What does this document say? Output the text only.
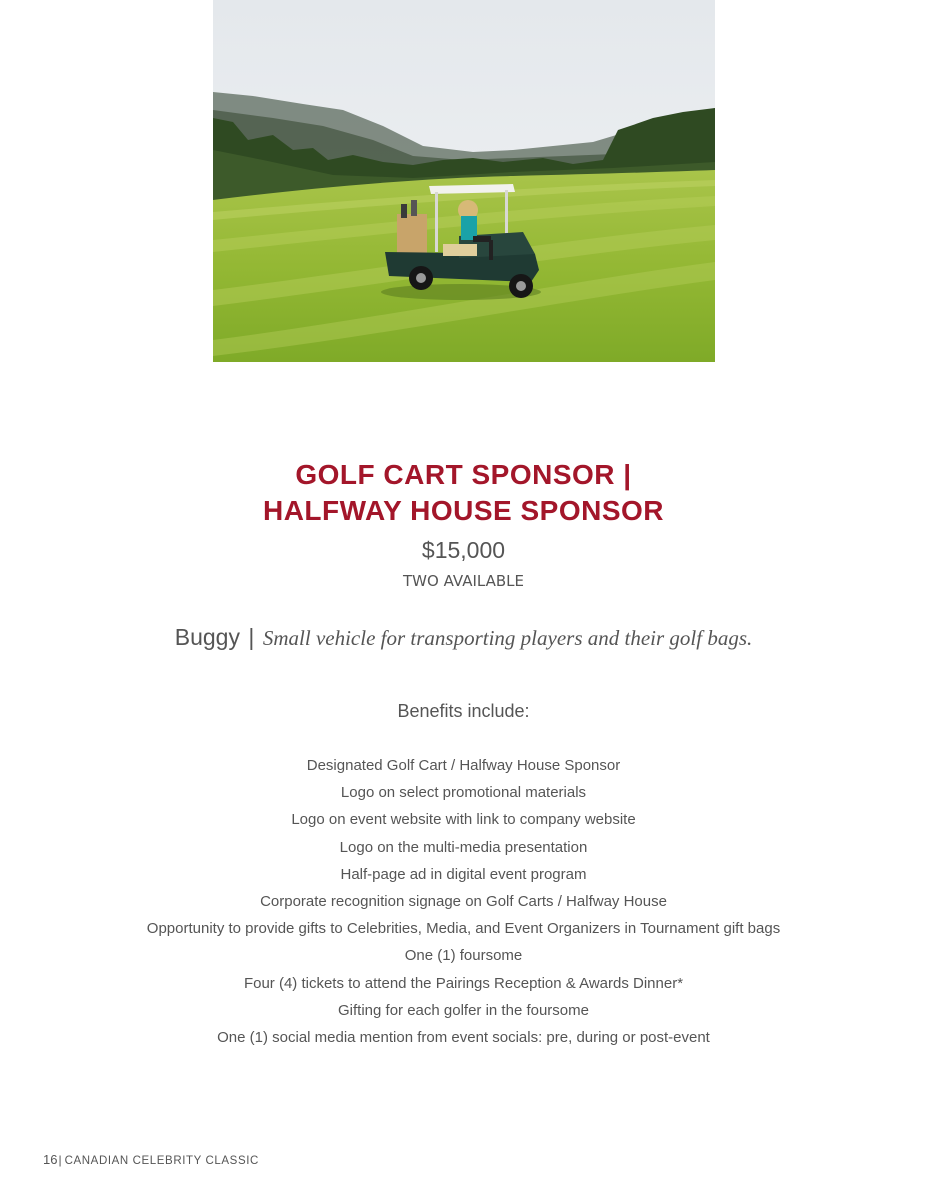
GOLF CART SPONSOR |
HALFWAY HOUSE SPONSOR
$15,000
TWO AVAILABLE
Buggy | Small vehicle for transporting players and their golf bags.
Benefits include:
Designated Golf Cart / Halfway House Sponsor
Logo on select promotional materials
Logo on event website with link to company website
Logo on the multi-media presentation
Half-page ad in digital event program
Corporate recognition signage on Golf Carts / Halfway House
Opportunity to provide gifts to Celebrities, Media, and Event Organizers in Tournament gift bags
One (1) foursome
Four (4) tickets to attend the Pairings Reception & Awards Dinner*
Gifting for each golfer in the foursome
One (1) social media mention from event socials: pre, during or post-event
16| CANADIAN CELEBRITY CLASSIC
